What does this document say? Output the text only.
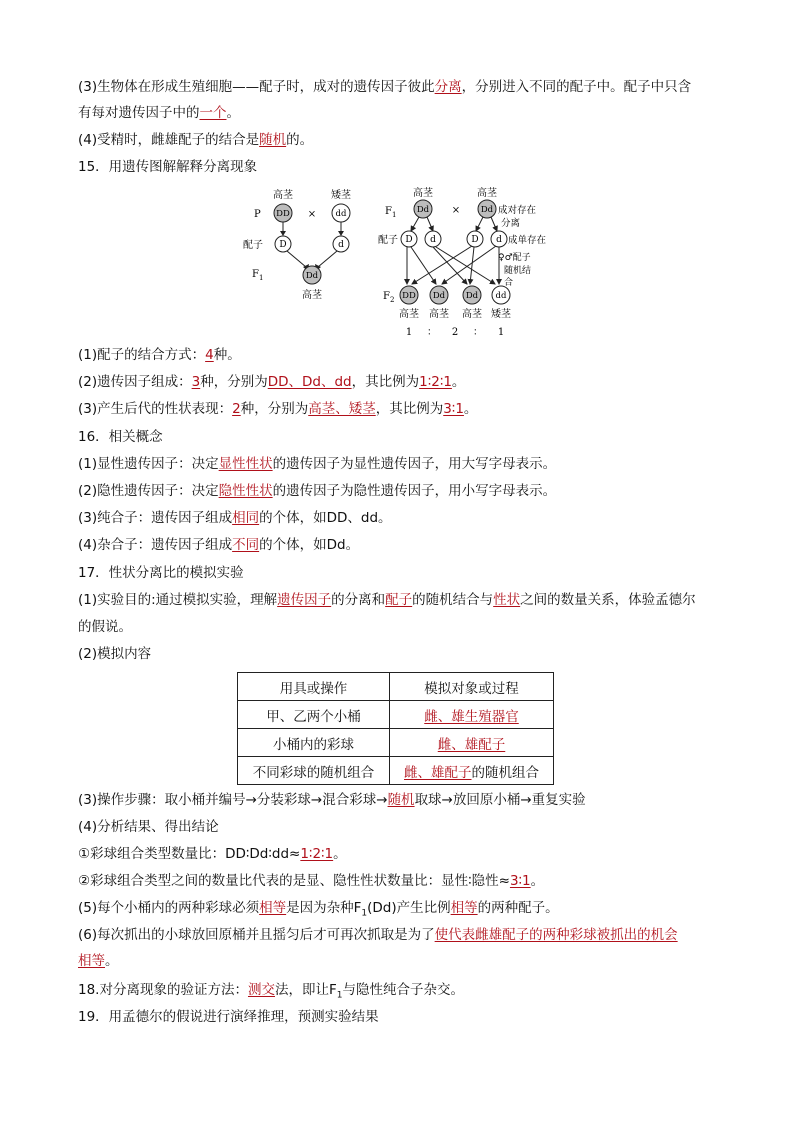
(3)生物体在形成生殖细胞——配子时，成对的遗传因子彼此分离，分别进入不同的配子中。配子中只含
有每对遗传因子中的一个。
(4)受精时，雌雄配子的结合是随机的。
15．用遗传图解解释分离现象
高茎	矮茎
P DD × dd
配子 D	d
F 1	Dd
高茎
高茎	高茎
F 1 Dd × Dd 成对存在
分离
配子 D d	D d 成单存在
♀♂配子
随机结
合
F 2 DD Dd Dd dd
高茎 高茎 高茎 矮茎
1 ： 2 ： 1
(1)配子的结合方式：4种。
(2)遗传因子组成：3种，分别为DD、Dd、dd，其比例为1∶2∶1。
(3)产生后代的性状表现：2种，分别为高茎、矮茎，其比例为3∶1。
16．相关概念
(1)显性遗传因子：决定显性性状的遗传因子为显性遗传因子，用大写字母表示。
(2)隐性遗传因子：决定隐性性状的遗传因子为隐性遗传因子，用小写字母表示。
(3)纯合子：遗传因子组成相同的个体，如DD、dd。
(4)杂合子：遗传因子组成不同的个体，如Dd。
17．性状分离比的模拟实验
(1)实验目的:通过模拟实验，理解遗传因子的分离和配子的随机结合与性状之间的数量关系，体验孟德尔
的假说。
(2)模拟内容
用具或操作	模拟对象或过程
甲、乙两个小桶	雌、雄生殖器官
小桶内的彩球	雌、雄配子
不同彩球的随机组合	雌、雄配子的随机组合
(3)操作步骤：取小桶并编号→分装彩球→混合彩球→随机取球→放回原小桶→重复实验
(4)分析结果、得出结论
①彩球组合类型数量比：DD∶Dd∶dd≈1∶2∶1。
②彩球组合类型之间的数量比代表的是显、隐性性状数量比：显性∶隐性≈3∶1。
(5)每个小桶内的两种彩球必须相等是因为杂种$F_1(Dd)$产生比例相等的两种配子。
(6)每次抓出的小球放回原桶并且摇匀后才可再次抓取是为了使代表雌雄配子的两种彩球被抓出的机会
相等。
18.对分离现象的验证方法：测交法，即让$F_1$与隐性纯合子杂交。
19．用孟德尔的假说进行演绎推理，预测实验结果
